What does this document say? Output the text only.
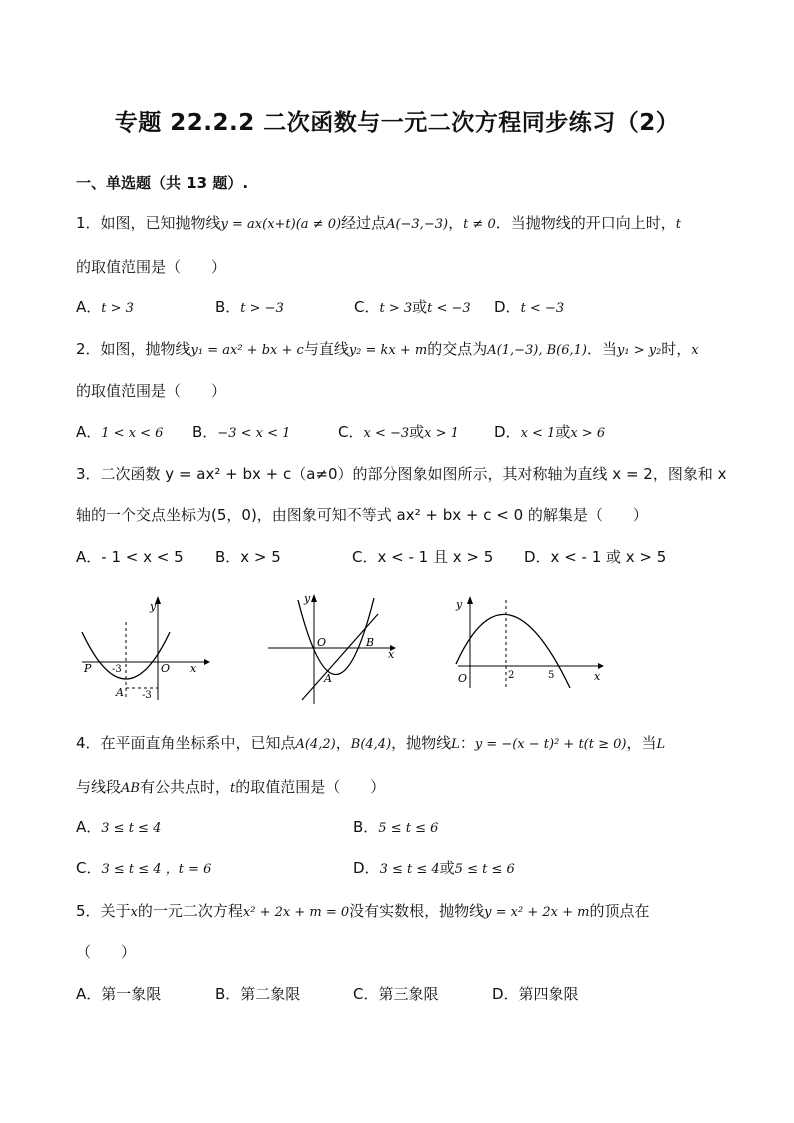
专题 22.2.2 二次函数与一元二次方程同步练习（2）
一、单选题（共 13 题）.
1．如图，已知抛物线y = ax(x+t)(a ≠ 0)经过点A(−3,−3)，t ≠ 0．当抛物线的开口向上时，t
的取值范围是（　　）
A．t > 3	B．t > −3	C．t > 3或t < −3 D．t < −3
2．如图，抛物线y₁ = ax² + bx + c与直线y₂ = kx + m的交点为A(1,−3), B(6,1)．当y₁ > y₂时，x
的取值范围是（　　）
A．1 < x < 6 B．−3 < x < 1	C．x < −3或x > 1 D．x < 1或x > 6
3．二次函数 y = ax² + bx + c（a≠0）的部分图象如图所示，其对称轴为直线 x = 2，图象和 x
轴的一个交点坐标为(5，0)，由图象可知不等式 ax² + bx + c < 0 的解集是（　　）
A．- 1 < x < 5 B．x > 5	C．x < - 1 且 x > 5 D．x < - 1 或 x > 5
y
x
P -3	O
A -3
y
x
O	B
A
y
x
O	2	5
4．在平面直角坐标系中，已知点A(4,2)，B(4,4)，抛物线L：y = −(x − t)² + t(t ≥ 0)，当L
与线段AB有公共点时，t的取值范围是（　　）
A．3 ≤ t ≤ 4	B．5 ≤ t ≤ 6
C．3 ≤ t ≤ 4 ，t = 6	D．3 ≤ t ≤ 4或5 ≤ t ≤ 6
5．关于x的一元二次方程x² + 2x + m = 0没有实数根，抛物线y = x² + 2x + m的顶点在
（　　）
A．第一象限	B．第二象限	C．第三象限	D．第四象限
